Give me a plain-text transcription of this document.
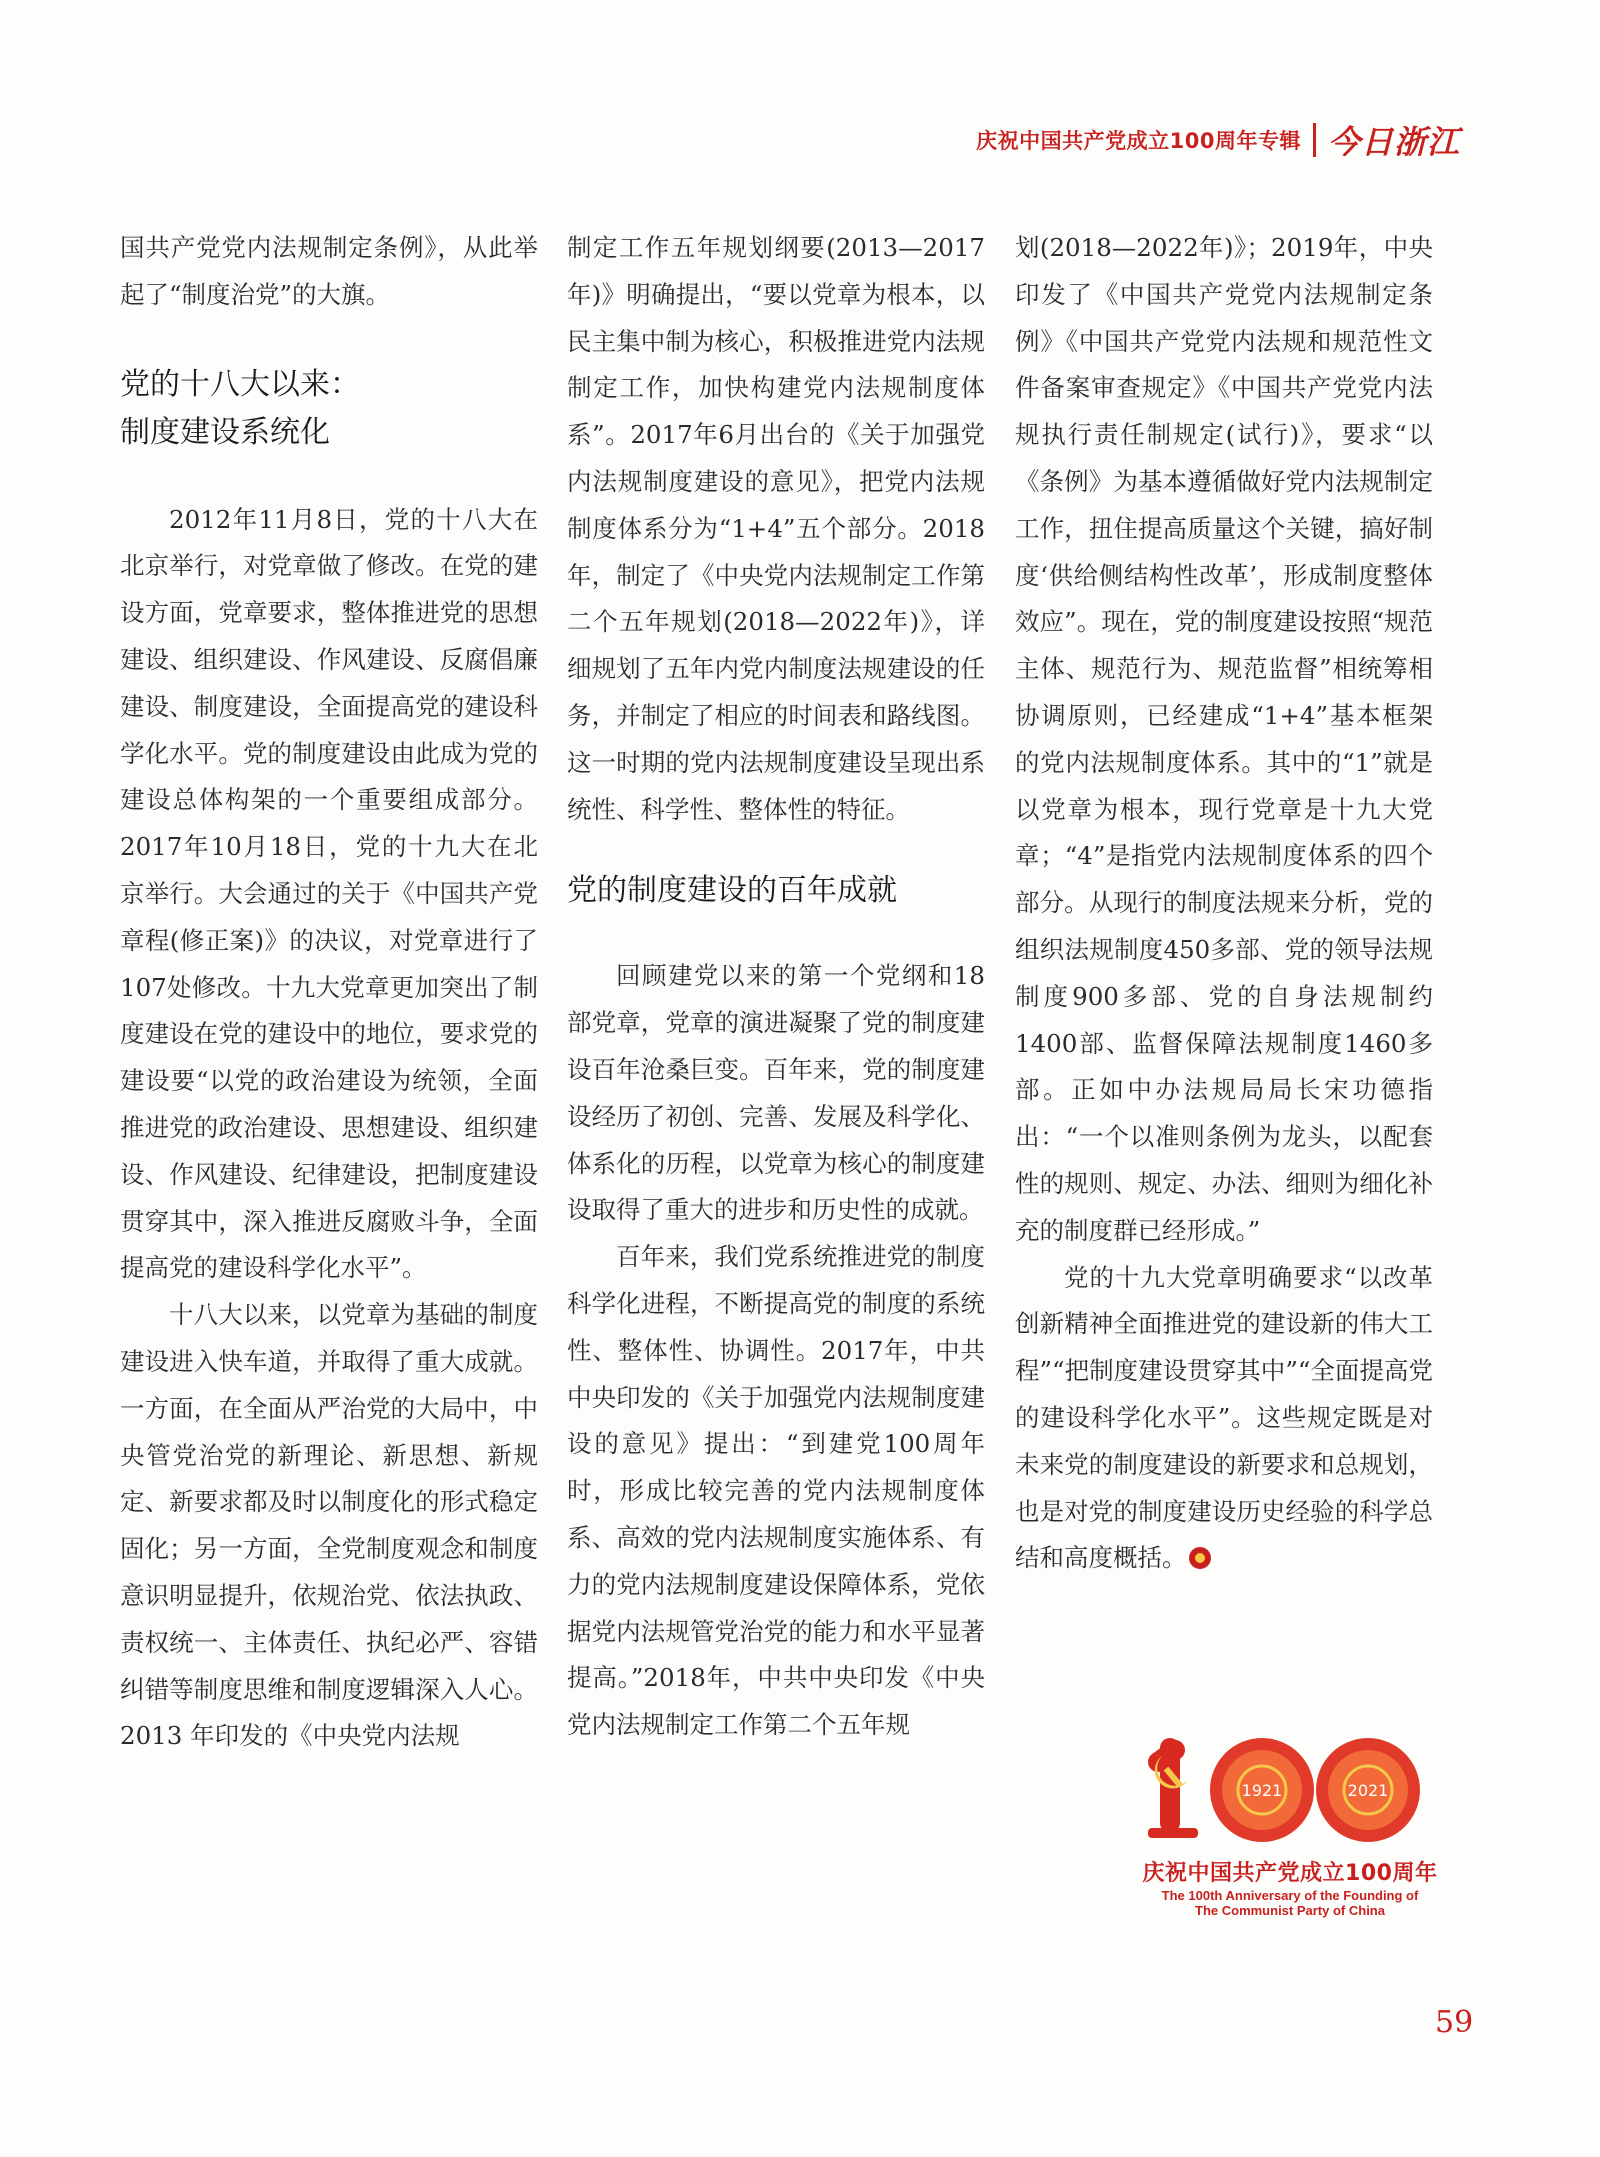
庆祝中国共产党成立100周年专辑 今日浙江

国共产党党内法规制定条例》，从此举起了“制度治党”的大旗。

党的十八大以来：
制度建设系统化

2012年11月8日，党的十八大在北京举行，对党章做了修改。在党的建设方面，党章要求，整体推进党的思想建设、组织建设、作风建设、反腐倡廉建设、制度建设，全面提高党的建设科学化水平。党的制度建设由此成为党的建设总体构架的一个重要组成部分。2017年10月18日，党的十九大在北京举行。大会通过的关于《中国共产党章程(修正案)》的决议，对党章进行了107处修改。十九大党章更加突出了制度建设在党的建设中的地位，要求党的建设要“以党的政治建设为统领，全面推进党的政治建设、思想建设、组织建设、作风建设、纪律建设，把制度建设贯穿其中，深入推进反腐败斗争，全面提高党的建设科学化水平”。

十八大以来，以党章为基础的制度建设进入快车道，并取得了重大成就。一方面，在全面从严治党的大局中，中央管党治党的新理论、新思想、新规定、新要求都及时以制度化的形式稳定固化；另一方面，全党制度观念和制度意识明显提升，依规治党、依法执政、责权统一、主体责任、执纪必严、容错纠错等制度思维和制度逻辑深入人心。2013 年印发的《中央党内法规

制定工作五年规划纲要(2013—2017年)》明确提出，“要以党章为根本，以民主集中制为核心，积极推进党内法规制定工作，加快构建党内法规制度体系”。2017年6月出台的《关于加强党内法规制度建设的意见》，把党内法规制度体系分为“1+4”五个部分。2018年，制定了《中央党内法规制定工作第二个五年规划(2018—2022年)》，详细规划了五年内党内制度法规建设的任务，并制定了相应的时间表和路线图。这一时期的党内法规制度建设呈现出系统性、科学性、整体性的特征。

党的制度建设的百年成就

回顾建党以来的第一个党纲和18部党章，党章的演进凝聚了党的制度建设百年沧桑巨变。百年来，党的制度建设经历了初创、完善、发展及科学化、体系化的历程，以党章为核心的制度建设取得了重大的进步和历史性的成就。

百年来，我们党系统推进党的制度科学化进程，不断提高党的制度的系统性、整体性、协调性。2017年，中共中央印发的《关于加强党内法规制度建设的意见》提出：“到建党100周年时，形成比较完善的党内法规制度体系、高效的党内法规制度实施体系、有力的党内法规制度建设保障体系，党依据党内法规管党治党的能力和水平显著提高。”2018年，中共中央印发《中央党内法规制定工作第二个五年规

划(2018—2022年)》；2019年，中央印发了《中国共产党党内法规制定条例》《中国共产党党内法规和规范性文件备案审查规定》《中国共产党党内法规执行责任制规定(试行)》，要求“以《条例》为基本遵循做好党内法规制定工作，扭住提高质量这个关键，搞好制度‘供给侧结构性改革’，形成制度整体效应”。现在，党的制度建设按照“规范主体、规范行为、规范监督”相统筹相协调原则，已经建成“1+4”基本框架的党内法规制度体系。其中的“1”就是以党章为根本，现行党章是十九大党章；“4”是指党内法规制度体系的四个部分。从现行的制度法规来分析，党的组织法规制度450多部、党的领导法规制度900多部、党的自身法规制约1400部、监督保障法规制度1460多部。正如中办法规局局长宋功德指出：“一个以准则条例为龙头，以配套性的规则、规定、办法、细则为细化补充的制度群已经形成。”

党的十九大党章明确要求“以改革创新精神全面推进党的建设新的伟大工程”“把制度建设贯穿其中”“全面提高党的建设科学化水平”。这些规定既是对未来党的制度建设的新要求和总规划，也是对党的制度建设历史经验的科学总结和高度概括。

1921	2021
庆祝中国共产党成立100周年
The 100th Anniversary of the Founding of
The Communist Party of China
59
